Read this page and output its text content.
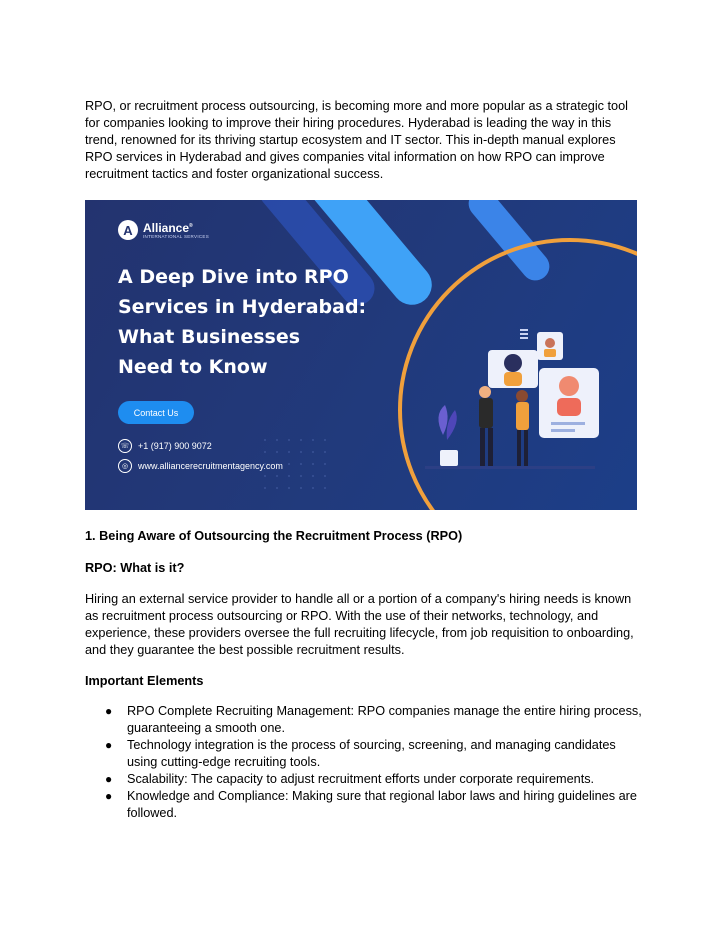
RPO, or recruitment process outsourcing, is becoming more and more popular as a strategic tool for companies looking to improve their hiring procedures. Hyderabad is leading the way in this trend, renowned for its thriving startup ecosystem and IT sector. This in-depth manual explores RPO services in Hyderabad and gives companies vital information on how RPO can improve recruitment tactics and foster organizational success.

A Alliance®
INTERNATIONAL SERVICES
A Deep Dive into RPO
Services in Hyderabad:
What Businesses
Need to Know
Contact Us
☏ +1 (917) 900 9072
◎	www.alliancerecruitmentagency.com

1. Being Aware of Outsourcing the Recruitment Process (RPO)

RPO: What is it?

Hiring an external service provider to handle all or a portion of a company's hiring needs is known as recruitment process outsourcing or RPO. With the use of their networks, technology, and experience, these providers oversee the full recruiting lifecycle, from job requisition to onboarding, and they guarantee the best possible recruitment results.

Important Elements

● RPO Complete Recruiting Management: RPO companies manage the entire hiring process, guaranteeing a smooth one.
● Technology integration is the process of sourcing, screening, and managing candidates using cutting-edge recruiting tools.
● Scalability: The capacity to adjust recruitment efforts under corporate requirements.
● Knowledge and Compliance: Making sure that regional labor laws and hiring guidelines are followed.
